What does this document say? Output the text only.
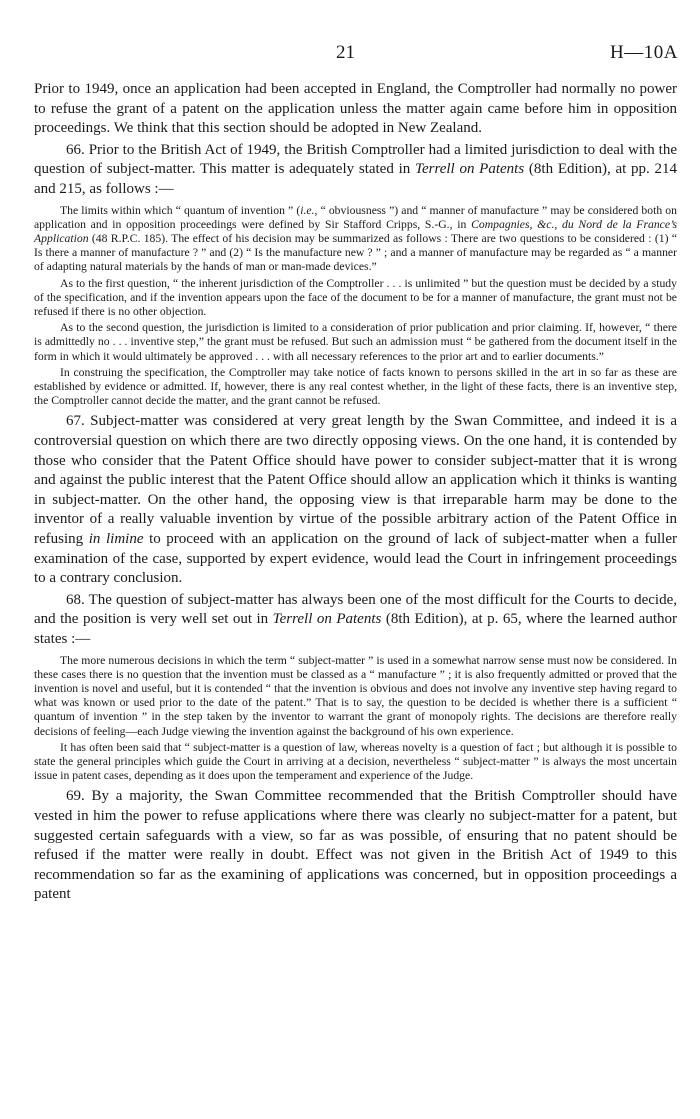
21	H—10A

Prior to 1949, once an application had been accepted in England, the Comptroller had normally no power to refuse the grant of a patent on the application unless the matter again came before him in opposition proceedings. We think that this section should be adopted in New Zealand.

66. Prior to the British Act of 1949, the British Comptroller had a limited jurisdiction to deal with the question of subject-matter. This matter is adequately stated in Terrell on Patents (8th Edition), at pp. 214 and 215, as follows :—

The limits within which “ quantum of invention ” (i.e., “ obviousness ”) and “ manner of manufacture ” may be considered both on application and in opposition proceedings were defined by Sir Stafford Cripps, S.-G., in Compagnies, &c., du Nord de la France’s Application (48 R.P.C. 185). The effect of his decision may be summarized as follows : There are two questions to be considered : (1) “ Is there a manner of manufacture ? ” and (2) “ Is the manufacture new ? ” ; and a manner of manufacture may be regarded as “ a manner of adapting natural materials by the hands of man or man-made devices.”

As to the first question, “ the inherent jurisdiction of the Comptroller . . . is unlimited ” but the question must be decided by a study of the specification, and if the invention appears upon the face of the document to be for a manner of manufacture, the grant must not be refused if there is no other objection.

As to the second question, the jurisdiction is limited to a consideration of prior publication and prior claiming. If, however, “ there is admittedly no . . . inventive step,” the grant must be refused. But such an admission must “ be gathered from the document itself in the form in which it would ultimately be approved . . . with all necessary references to the prior art and to earlier documents.”

In construing the specification, the Comptroller may take notice of facts known to persons skilled in the art in so far as these are established by evidence or admitted. If, however, there is any real contest whether, in the light of these facts, there is an inventive step, the Comptroller cannot decide the matter, and the grant cannot be refused.

67. Subject-matter was considered at very great length by the Swan Committee, and indeed it is a controversial question on which there are two directly opposing views. On the one hand, it is contended by those who consider that the Patent Office should have power to consider subject-matter that it is wrong and against the public interest that the Patent Office should allow an application which it thinks is wanting in subject-matter. On the other hand, the opposing view is that irreparable harm may be done to the inventor of a really valuable invention by virtue of the possible arbitrary action of the Patent Office in refusing in limine to proceed with an application on the ground of lack of subject-matter when a fuller examination of the case, supported by expert evidence, would lead the Court in infringement proceedings to a contrary conclusion.

68. The question of subject-matter has always been one of the most difficult for the Courts to decide, and the position is very well set out in Terrell on Patents (8th Edition), at p. 65, where the learned author states :—

The more numerous decisions in which the term “ subject-matter ” is used in a somewhat narrow sense must now be considered. In these cases there is no question that the invention must be classed as a “ manufacture ” ; it is also frequently admitted or proved that the invention is novel and useful, but it is contended “ that the invention is obvious and does not involve any inventive step having regard to what was known or used prior to the date of the patent.” That is to say, the question to be decided is whether there is a sufficient “ quantum of invention ” in the step taken by the inventor to warrant the grant of monopoly rights. The decisions are therefore really decisions of feeling—each Judge viewing the invention against the background of his own experience.

It has often been said that “ subject-matter is a question of law, whereas novelty is a question of fact ; but although it is possible to state the general principles which guide the Court in arriving at a decision, nevertheless “ subject-matter ” is always the most uncertain issue in patent cases, depending as it does upon the temperament and experience of the Judge.

69. By a majority, the Swan Committee recommended that the British Comptroller should have vested in him the power to refuse applications where there was clearly no subject-matter for a patent, but suggested certain safeguards with a view, so far as was possible, of ensuring that no patent should be refused if the matter were really in doubt. Effect was not given in the British Act of 1949 to this recommendation so far as the examining of applications was concerned, but in opposition proceedings a patent
